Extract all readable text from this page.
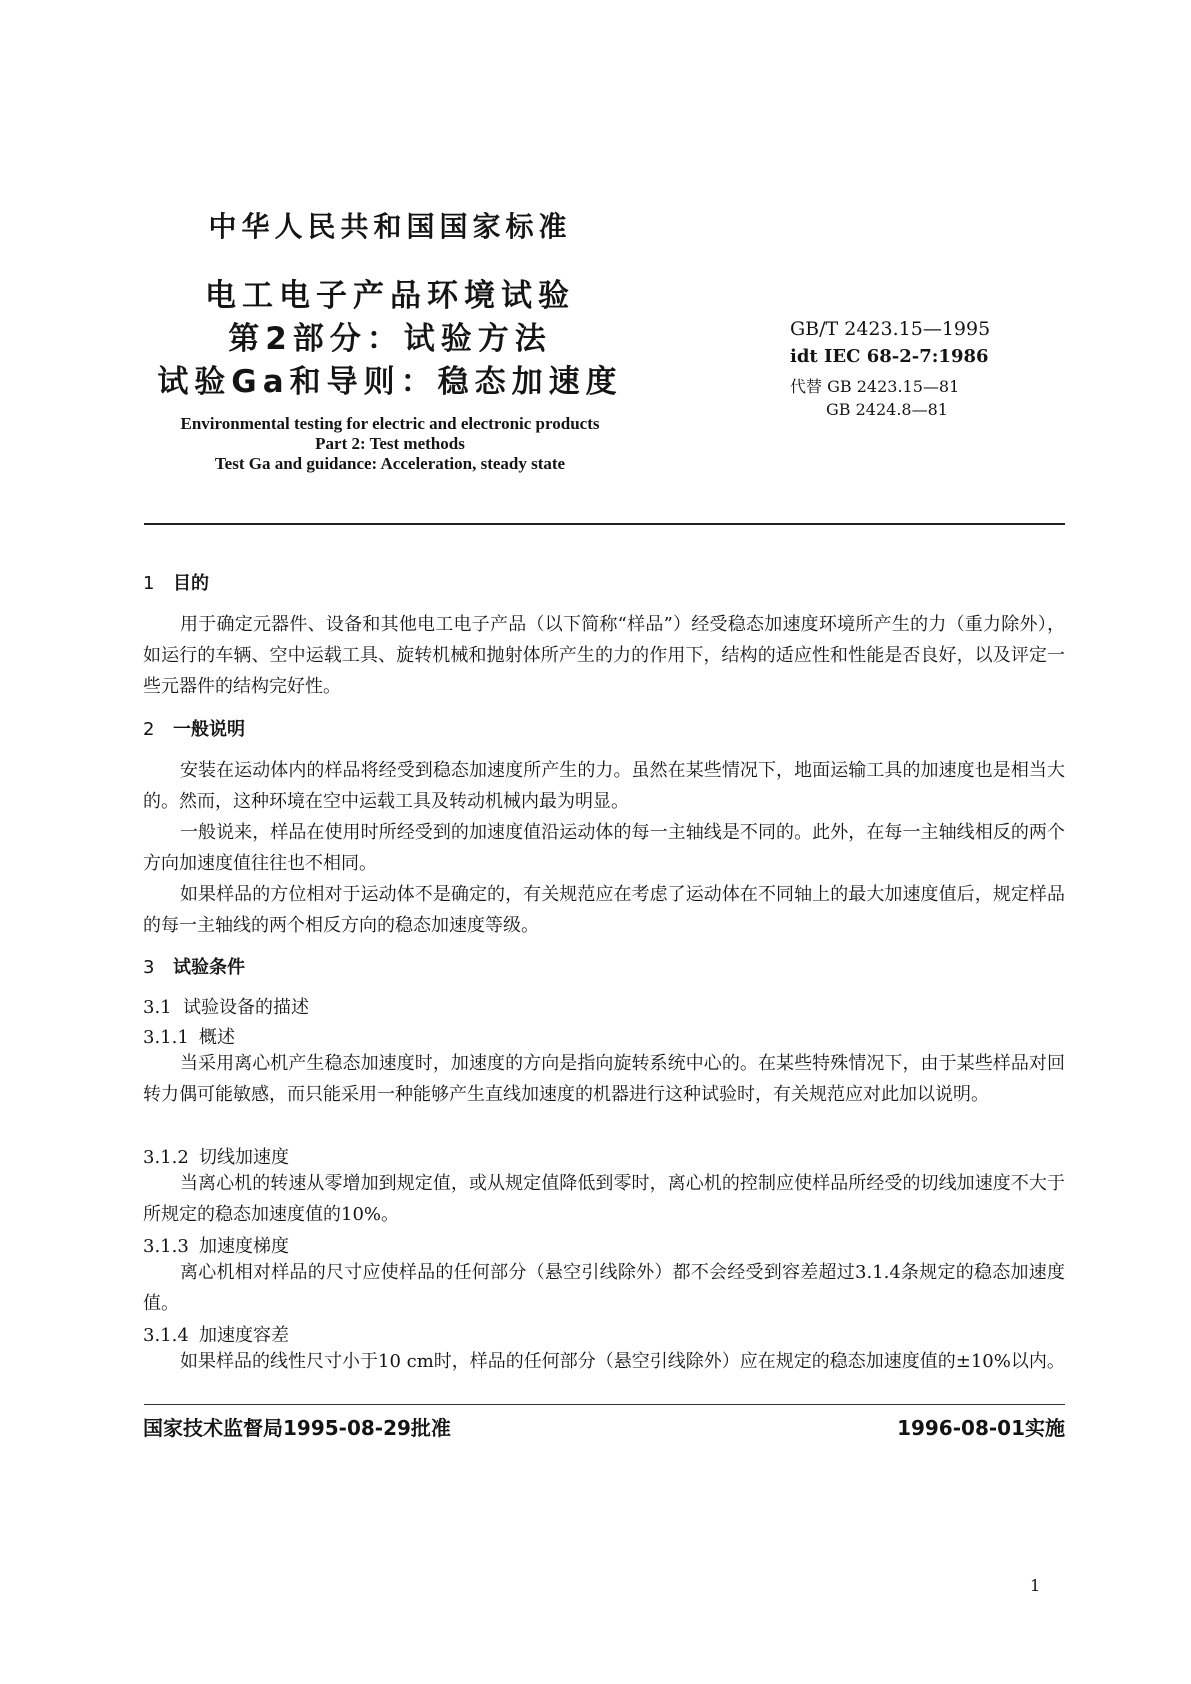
中华人民共和国国家标准
电工电子产品环境试验
第2部分：试验方法
试验Ga和导则：稳态加速度
GB/T 2423.15—1995
idt IEC 68-2-7:1986
代替 GB 2423.15—81
GB 2424.8—81
Environmental testing for electric and electronic products
Part 2: Test methods
Test Ga and guidance: Acceleration, steady state
1 目的
用于确定元器件、设备和其他电工电子产品（以下简称“样品”）经受稳态加速度环境所产生的力（重力除外），如运行的车辆、空中运载工具、旋转机械和抛射体所产生的力的作用下，结构的适应性和性能是否良好，以及评定一些元器件的结构完好性。
2 一般说明
安装在运动体内的样品将经受到稳态加速度所产生的力。虽然在某些情况下，地面运输工具的加速度也是相当大的。然而，这种环境在空中运载工具及转动机械内最为明显。
一般说来，样品在使用时所经受到的加速度值沿运动体的每一主轴线是不同的。此外，在每一主轴线相反的两个方向加速度值往往也不相同。
如果样品的方位相对于运动体不是确定的，有关规范应在考虑了运动体在不同轴上的最大加速度值后，规定样品的每一主轴线的两个相反方向的稳态加速度等级。
3 试验条件
3.1 试验设备的描述
3.1.1 概述
当采用离心机产生稳态加速度时，加速度的方向是指向旋转系统中心的。在某些特殊情况下，由于某些样品对回转力偶可能敏感，而只能采用一种能够产生直线加速度的机器进行这种试验时，有关规范应对此加以说明。
3.1.2 切线加速度
当离心机的转速从零增加到规定值，或从规定值降低到零时，离心机的控制应使样品所经受的切线加速度不大于所规定的稳态加速度值的10%。
3.1.3 加速度梯度
离心机相对样品的尺寸应使样品的任何部分（悬空引线除外）都不会经受到容差超过3.1.4条规定的稳态加速度值。
3.1.4 加速度容差
如果样品的线性尺寸小于10 cm时，样品的任何部分（悬空引线除外）应在规定的稳态加速度值的±10%以内。
国家技术监督局1995-08-29批准	1996-08-01实施
1
